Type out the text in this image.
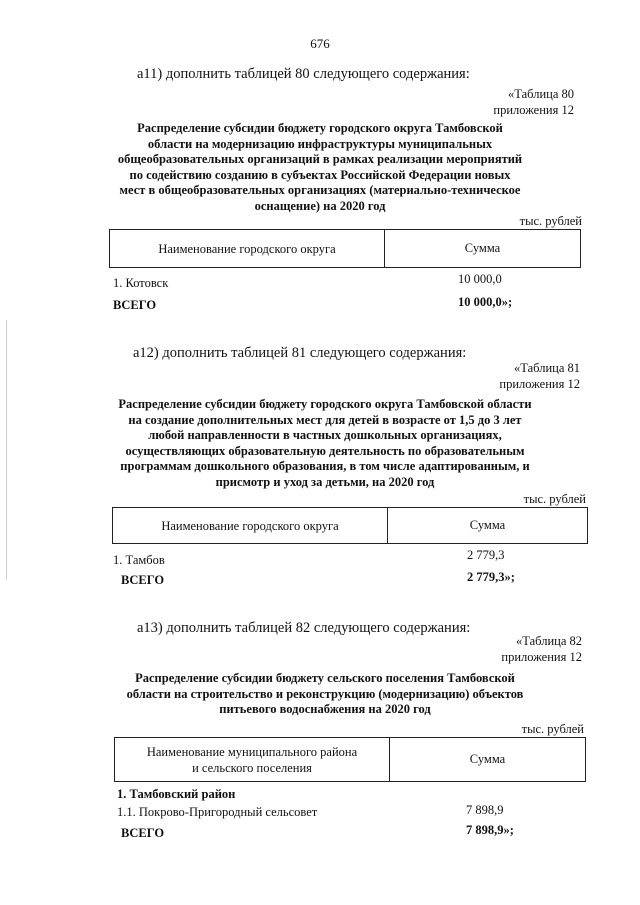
676
а11) дополнить таблицей 80 следующего содержания:
«Таблица 80
приложения 12
Распределение субсидии бюджету городского округа Тамбовской
области на модернизацию инфраструктуры муниципальных
общеобразовательных организаций в рамках реализации мероприятий
по содействию созданию в субъектах Российской Федерации новых
мест в общеобразовательных организациях (материально-техническое
оснащение) на 2020 год
тыс. рублей
Наименование городского округа	Сумма
1. Котовск	10 000,0
ВСЕГО	10 000,0»;
а12) дополнить таблицей 81 следующего содержания:
«Таблица 81
приложения 12
Распределение субсидии бюджету городского округа Тамбовской области
на создание дополнительных мест для детей в возрасте от 1,5 до 3 лет
любой направленности в частных дошкольных организациях,
осуществляющих образовательную деятельность по образовательным
программам дошкольного образования, в том числе адаптированным, и
присмотр и уход за детьми, на 2020 год
тыс. рублей
Наименование городского округа	Сумма
1. Тамбов	2 779,3
ВСЕГО	2 779,3»;
а13) дополнить таблицей 82 следующего содержания:
«Таблица 82
приложения 12
Распределение субсидии бюджету сельского поселения Тамбовской
области на строительство и реконструкцию (модернизацию) объектов
питьевого водоснабжения на 2020 год
тыс. рублей
Наименование муниципального района
и сельского поселения
Сумма
1. Тамбовский район
1.1. Покрово-Пригородный сельсовет	7 898,9
ВСЕГО	7 898,9»;
